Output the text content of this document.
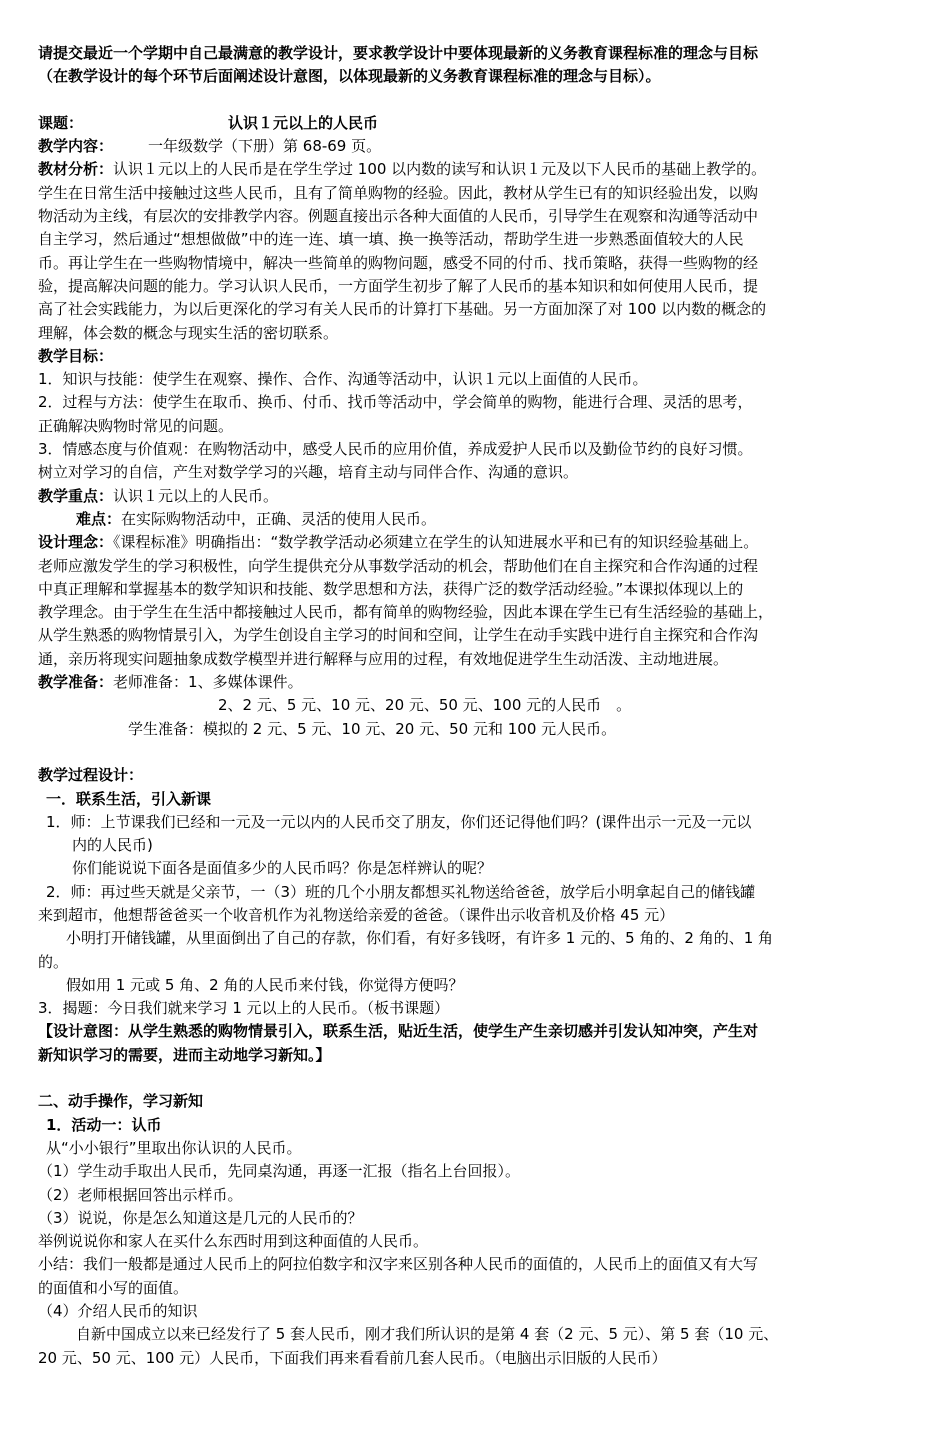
请提交最近一个学期中自己最满意的教学设计，要求教学设计中要体现最新的义务教育课程标准的理念与目标
（在教学设计的每个环节后面阐述设计意图，以体现最新的义务教育课程标准的理念与目标）。
课题：	认识１元以上的人民币
教学内容： 一年级数学（下册）第 68-69 页。
教材分析：认识１元以上的人民币是在学生学过 100 以内数的读写和认识１元及以下人民币的基础上教学的。
学生在日常生活中接触过这些人民币，且有了简单购物的经验。因此，教材从学生已有的知识经验出发，以购
物活动为主线，有层次的安排教学内容。例题直接出示各种大面值的人民币，引导学生在观察和沟通等活动中
自主学习，然后通过“想想做做”中的连一连、填一填、换一换等活动，帮助学生进一步熟悉面值较大的人民
币。再让学生在一些购物情境中，解决一些简单的购物问题，感受不同的付币、找币策略，获得一些购物的经
验，提高解决问题的能力。学习认识人民币，一方面学生初步了解了人民币的基本知识和如何使用人民币，提
高了社会实践能力，为以后更深化的学习有关人民币的计算打下基础。另一方面加深了对 100 以内数的概念的
理解，体会数的概念与现实生活的密切联系。
教学目标：
1．知识与技能：使学生在观察、操作、合作、沟通等活动中，认识１元以上面值的人民币。
2．过程与方法：使学生在取币、换币、付币、找币等活动中，学会简单的购物，能进行合理、灵活的思考，
正确解决购物时常见的问题。
3．情感态度与价值观：在购物活动中，感受人民币的应用价值，养成爱护人民币以及勤俭节约的良好习惯。
树立对学习的自信，产生对数学学习的兴趣，培育主动与同伴合作、沟通的意识。
教学重点：认识１元以上的人民币。
难点：在实际购物活动中，正确、灵活的使用人民币。
设计理念：《课程标准》明确指出：“数学教学活动必须建立在学生的认知进展水平和已有的知识经验基础上。
老师应激发学生的学习积极性，向学生提供充分从事数学活动的机会，帮助他们在自主探究和合作沟通的过程
中真正理解和掌握基本的数学知识和技能、数学思想和方法，获得广泛的数学活动经验。”本课拟体现以上的
教学理念。由于学生在生活中都接触过人民币，都有简单的购物经验，因此本课在学生已有生活经验的基础上，
从学生熟悉的购物情景引入，为学生创设自主学习的时间和空间，让学生在动手实践中进行自主探究和合作沟
通，亲历将现实问题抽象成数学模型并进行解释与应用的过程，有效地促进学生生动活泼、主动地进展。
教学准备：老师准备：1、多媒体课件。
2、2 元、5 元、10 元、20 元、50 元、100 元的人民币　。
学生准备：模拟的 2 元、5 元、10 元、20 元、50 元和 100 元人民币。
教学过程设计：
一．联系生活，引入新课
1．师：上节课我们已经和一元及一元以内的人民币交了朋友，你们还记得他们吗？(课件出示一元及一元以
内的人民币)
你们能说说下面各是面值多少的人民币吗？你是怎样辨认的呢？
2．师：再过些天就是父亲节，一（3）班的几个小朋友都想买礼物送给爸爸，放学后小明拿起自己的储钱罐
来到超市，他想帮爸爸买一个收音机作为礼物送给亲爱的爸爸。（课件出示收音机及价格 45 元）
小明打开储钱罐，从里面倒出了自己的存款，你们看，有好多钱呀，有许多 1 元的、5 角的、2 角的、1 角
的。
假如用 1 元或 5 角、2 角的人民币来付钱，你觉得方便吗？
3．揭题：今日我们就来学习 1 元以上的人民币。（板书课题）
【设计意图：从学生熟悉的购物情景引入，联系生活，贴近生活，使学生产生亲切感并引发认知冲突，产生对
新知识学习的需要，进而主动地学习新知。】
二、动手操作，学习新知
1．活动一：认币
从“小小银行”里取出你认识的人民币。
（1）学生动手取出人民币，先同桌沟通，再逐一汇报（指名上台回报）。
（2）老师根据回答出示样币。
（3）说说，你是怎么知道这是几元的人民币的？
举例说说你和家人在买什么东西时用到这种面值的人民币。
小结：我们一般都是通过人民币上的阿拉伯数字和汉字来区别各种人民币的面值的，人民币上的面值又有大写
的面值和小写的面值。
（4）介绍人民币的知识
自新中国成立以来已经发行了 5 套人民币，刚才我们所认识的是第 4 套（2 元、5 元）、第 5 套（10 元、
20 元、50 元、100 元）人民币，下面我们再来看看前几套人民币。（电脑出示旧版的人民币）
